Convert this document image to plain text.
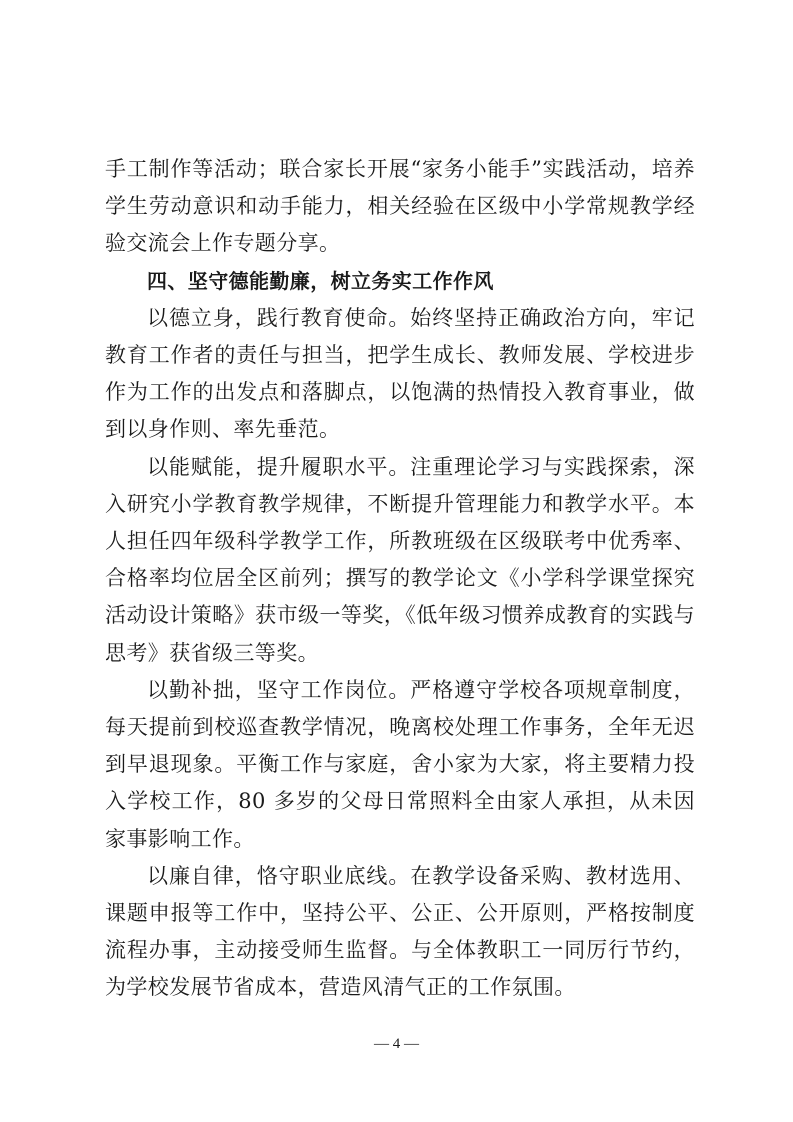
手工制作等活动；联合家长开展“家务小能手”实践活动，培养学生劳动意识和动手能力，相关经验在区级中小学常规教学经验交流会上作专题分享。

四、坚守德能勤廉，树立务实工作作风

以德立身，践行教育使命。始终坚持正确政治方向，牢记教育工作者的责任与担当，把学生成长、教师发展、学校进步作为工作的出发点和落脚点，以饱满的热情投入教育事业，做到以身作则、率先垂范。

以能赋能，提升履职水平。注重理论学习与实践探索，深入研究小学教育教学规律，不断提升管理能力和教学水平。本人担任四年级科学教学工作，所教班级在区级联考中优秀率、合格率均位居全区前列；撰写的教学论文《小学科学课堂探究活动设计策略》获市级一等奖，《低年级习惯养成教育的实践与思考》获省级三等奖。

以勤补拙，坚守工作岗位。严格遵守学校各项规章制度，每天提前到校巡查教学情况，晚离校处理工作事务，全年无迟到早退现象。平衡工作与家庭，舍小家为大家，将主要精力投入学校工作，80 多岁的父母日常照料全由家人承担，从未因家事影响工作。

以廉自律，恪守职业底线。在教学设备采购、教材选用、课题申报等工作中，坚持公平、公正、公开原则，严格按制度流程办事，主动接受师生监督。与全体教职工一同厉行节约，为学校发展节省成本，营造风清气正的工作氛围。

— 4 —
